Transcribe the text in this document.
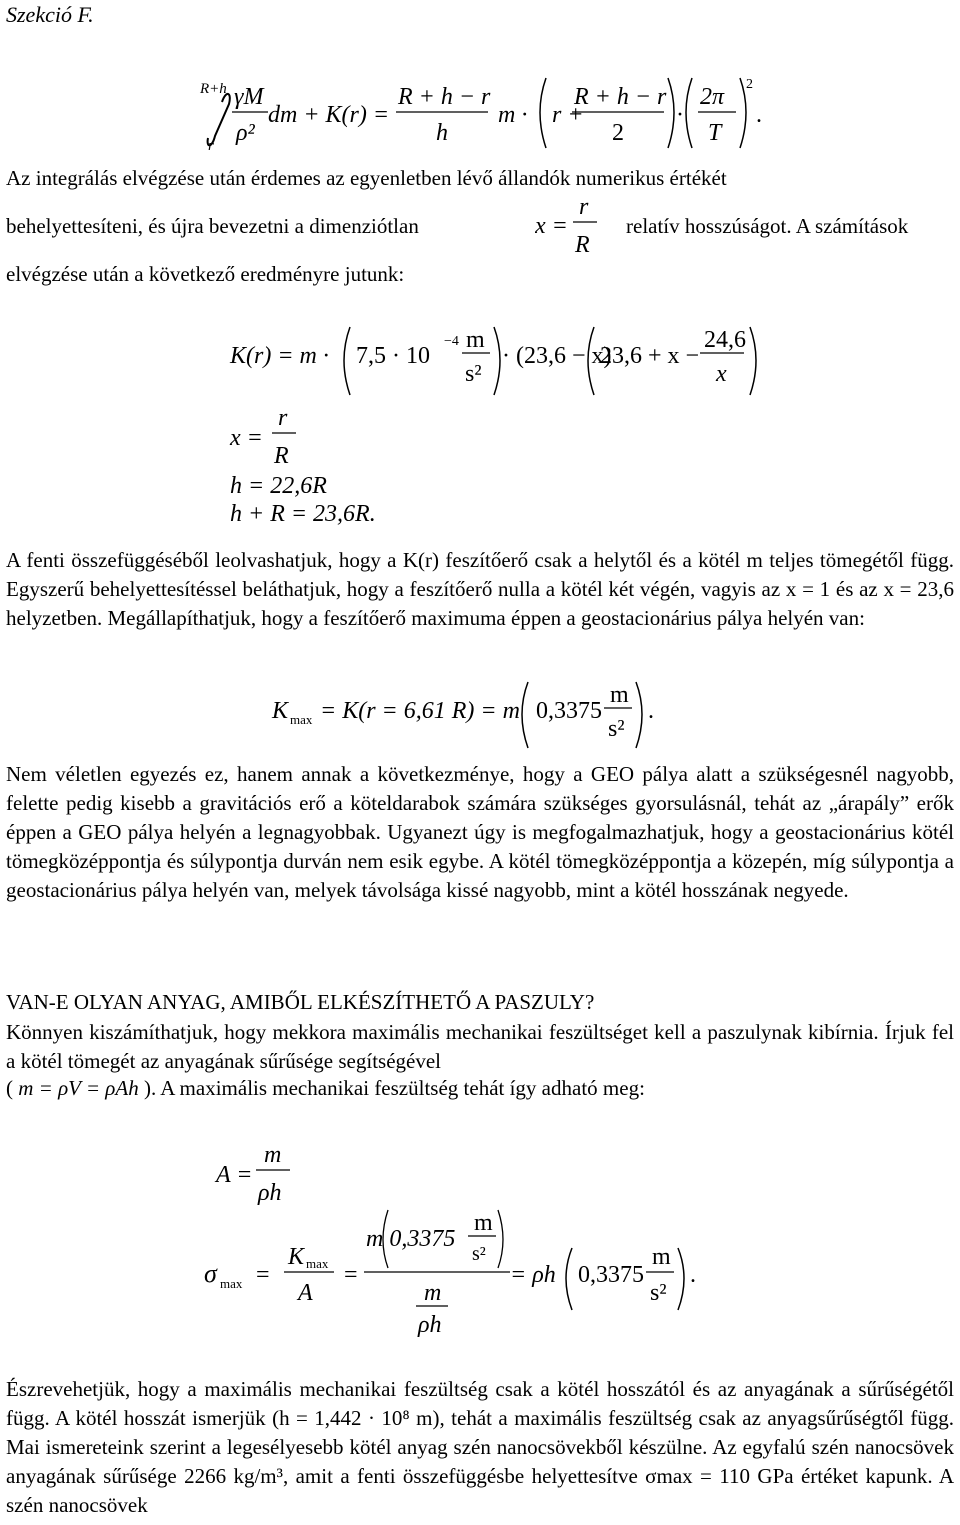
Szekció F.
R+h
r
γM
ρ²
dm + K(r) =
R + h − r
h
m · r +
R + h − r
2
·
2π
T
2
.
Az integrálás elvégzése után érdemes az egyenletben lévő állandók numerikus értékét
behelyettesíteni, és újra bevezetni a dimenziótlan	x =
r
R
relatív hosszúságot. A számítások
elvégzése után a következő eredményre jutunk:
K(r) = m · 7,5 · 10
−4 m
s²
· (23,6 − x)
23,6 + x −
24,6
x
x =
r
R
h = 22,6R
h + R = 23,6R.
A fenti összefüggéséből leolvashatjuk, hogy a K(r) feszítőerő csak a helytől és a kötél m teljes tömegétől függ. Egyszerű behelyettesítéssel beláthatjuk, hogy a feszítőerő nulla a kötél két végén, vagyis az x = 1 és az x = 23,6 helyzetben. Megállapíthatjuk, hogy a feszítőerő maximuma éppen a geostacionárius pálya helyén van:
K max = K(r = 6,61 R) = m 0,3375
m
s²
.
Nem véletlen egyezés ez, hanem annak a következménye, hogy a GEO pálya alatt a szükségesnél nagyobb, felette pedig kisebb a gravitációs erő a köteldarabok számára szükséges gyorsulásnál, tehát az „árapály” erők éppen a GEO pálya helyén a legnagyobbak. Ugyanezt úgy is megfogalmazhatjuk, hogy a geostacionárius kötél tömegközéppontja és súlypontja durván nem esik egybe. A kötél tömegközéppontja a közepén, míg súlypontja a geostacionárius pálya helyén van, melyek távolsága kissé nagyobb, mint a kötél hosszának negyede.
VAN-E OLYAN ANYAG, AMIBŐL ELKÉSZÍTHETŐ A PASZULY?
Könnyen kiszámíthatjuk, hogy mekkora maximális mechanikai feszültséget kell a paszulynak kibírnia. Írjuk fel a kötél tömegét az anyagának sűrűsége segítségével
( m = ρV = ρAh ). A maximális mechanikai feszültség tehát így adható meg:
A =
m
ρh
σ max =
K max
A
=
m 0,3375
m
s²
m
ρh
= ρh 0,3375
m
s²
.
Észrevehetjük, hogy a maximális mechanikai feszültség csak a kötél hosszától és az anyagának a sűrűségétől függ. A kötél hosszát ismerjük (h = 1,442 · 10⁸ m), tehát a maximális feszültség csak az anyagsűrűségtől függ. Mai ismereteink szerint a legesélyesebb kötél anyag szén nanocsövekből készülne. Az egyfalú szén nanocsövek anyagának sűrűsége 2266 kg/m³, amit a fenti összefüggésbe helyettesítve σmax = 110 GPa értéket kapunk. A szén nanocsövek
